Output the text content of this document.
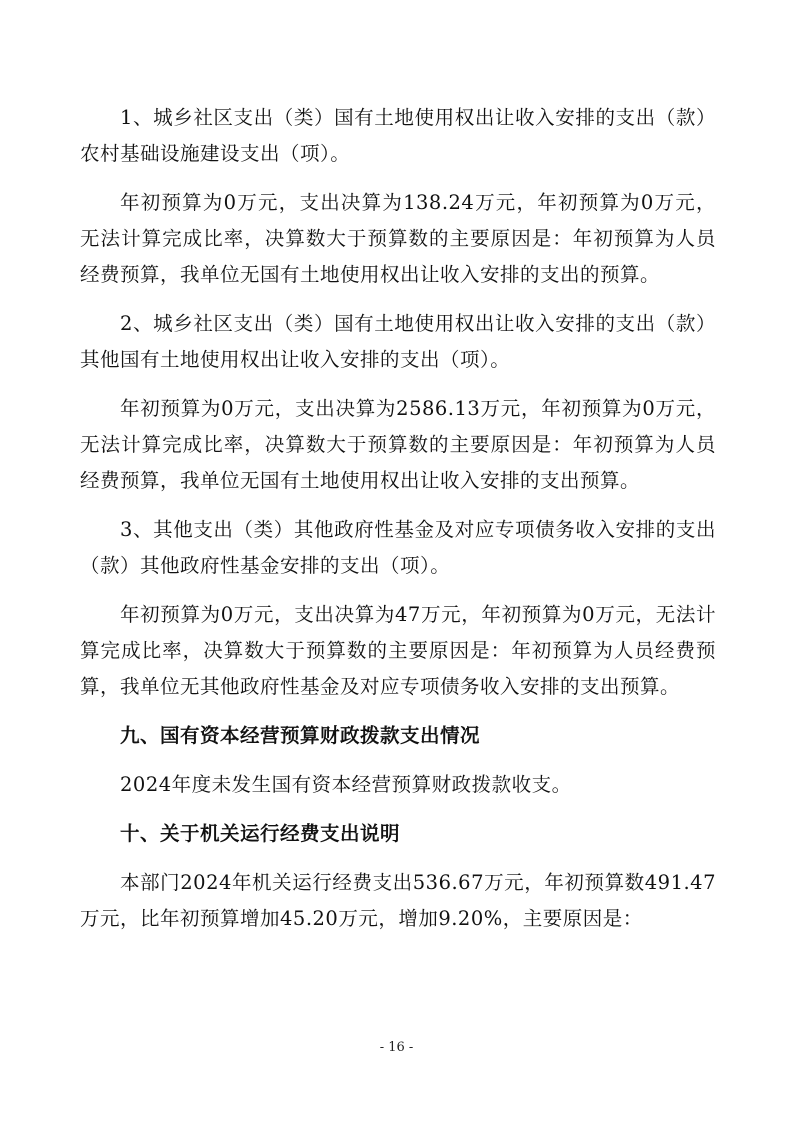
1、城乡社区支出（类）国有土地使用权出让收入安排的支出（款）农村基础设施建设支出（项）。

年初预算为0万元，支出决算为138.24万元，年初预算为0万元，无法计算完成比率，决算数大于预算数的主要原因是：年初预算为人员经费预算，我单位无国有土地使用权出让收入安排的支出的预算。

2、城乡社区支出（类）国有土地使用权出让收入安排的支出（款）其他国有土地使用权出让收入安排的支出（项）。

年初预算为0万元，支出决算为2586.13万元，年初预算为0万元，无法计算完成比率，决算数大于预算数的主要原因是：年初预算为人员经费预算，我单位无国有土地使用权出让收入安排的支出预算。

3、其他支出（类）其他政府性基金及对应专项债务收入安排的支出（款）其他政府性基金安排的支出（项）。

年初预算为0万元，支出决算为47万元，年初预算为0万元，无法计算完成比率，决算数大于预算数的主要原因是：年初预算为人员经费预算，我单位无其他政府性基金及对应专项债务收入安排的支出预算。

九、国有资本经营预算财政拨款支出情况

2024年度未发生国有资本经营预算财政拨款收支。

十、关于机关运行经费支出说明

本部门2024年机关运行经费支出536.67万元，年初预算数491.47万元，比年初预算增加45.20万元，增加9.20%，主要原因是：

- 16 -
